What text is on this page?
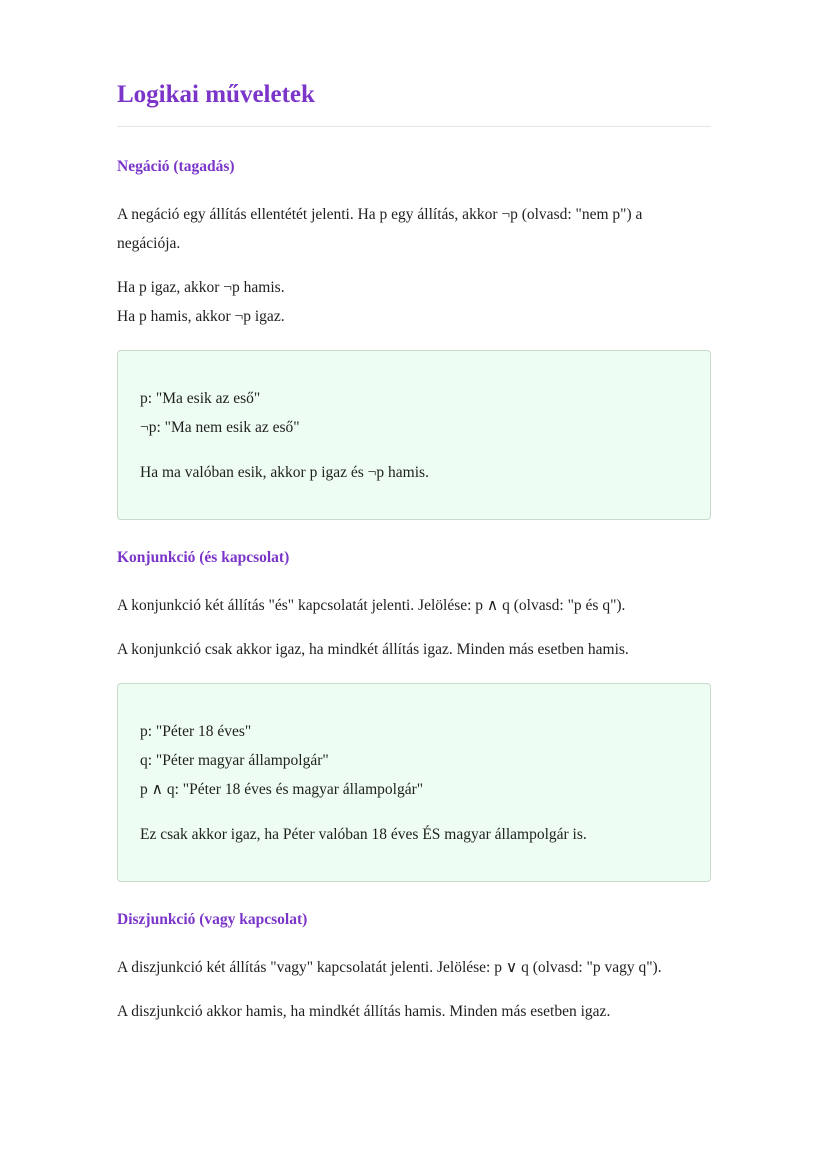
Logikai műveletek
Negáció (tagadás)

A negáció egy állítás ellentétét jelenti. Ha p egy állítás, akkor ¬p (olvasd: "nem p") a

negációja.

Ha p igaz, akkor ¬p hamis.

Ha p hamis, akkor ¬p igaz.

p: "Ma esik az eső"

¬p: "Ma nem esik az eső"

Ha ma valóban esik, akkor p igaz és ¬p hamis.

Konjunkció (és kapcsolat)

A konjunkció két állítás "és" kapcsolatát jelenti. Jelölése: p ∧ q (olvasd: "p és q").

A konjunkció csak akkor igaz, ha mindkét állítás igaz. Minden más esetben hamis.

p: "Péter 18 éves"

q: "Péter magyar állampolgár"

p ∧ q: "Péter 18 éves és magyar állampolgár"

Ez csak akkor igaz, ha Péter valóban 18 éves ÉS magyar állampolgár is.

Diszjunkció (vagy kapcsolat)

A diszjunkció két állítás "vagy" kapcsolatát jelenti. Jelölése: p ∨ q (olvasd: "p vagy q").

A diszjunkció akkor hamis, ha mindkét állítás hamis. Minden más esetben igaz.
